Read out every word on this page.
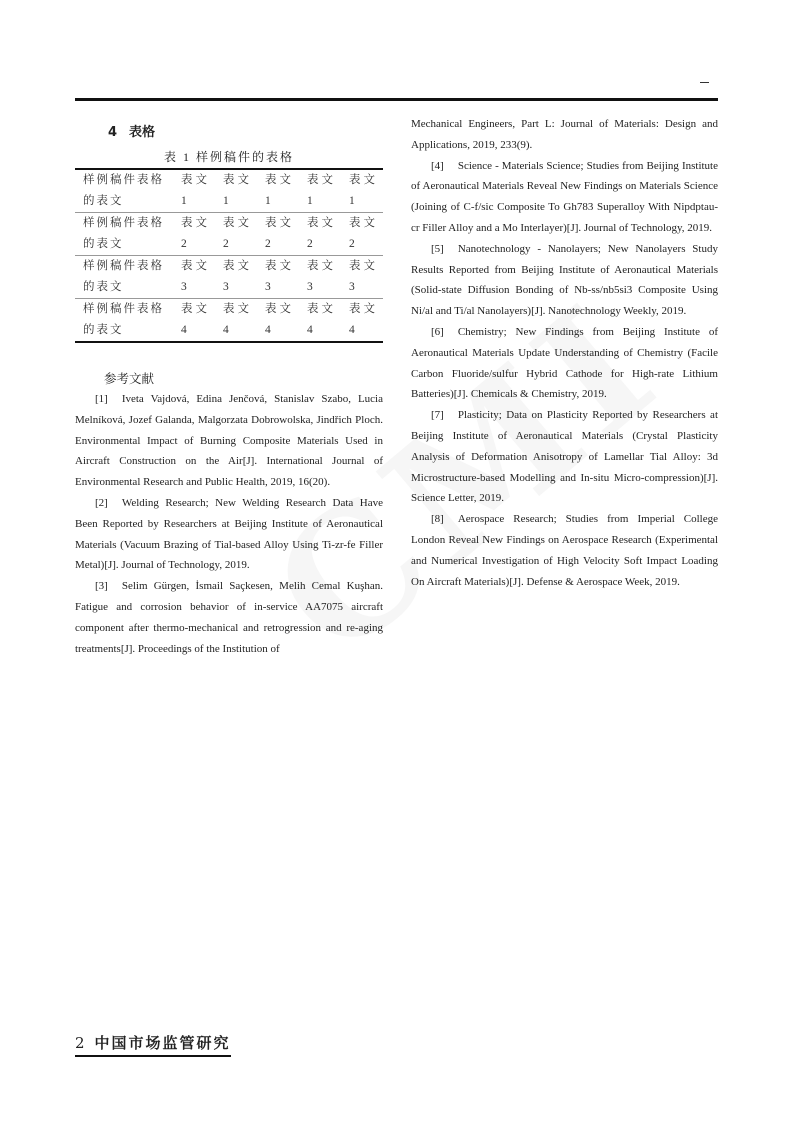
4 表格
表 1 样例稿件的表格
样例稿件表格	表文	表文	表文	表文	表文
的表文	1	1	1	1	1
样例稿件表格	表文	表文	表文	表文	表文
的表文	2	2	2	2	2
样例稿件表格	表文	表文	表文	表文	表文
的表文	3	3	3	3	3
样例稿件表格	表文	表文	表文	表文	表文
的表文	4	4	4	4	4
参考文献

[1] Iveta Vajdová, Edina Jenčová, Stanislav Szabo, Lucia Melníková, Jozef Galanda, Malgorzata Dobrowolska, Jindřich Ploch. Environmental Impact of Burning Composite Materials Used in Aircraft Construction on the Air[J]. International Journal of Environmental Research and Public Health, 2019, 16(20).

[2] Welding Research; New Welding Research Data Have Been Reported by Researchers at Beijing Institute of Aeronautical Materials (Vacuum Brazing of Tial-based Alloy Using Ti-zr-fe Filler Metal)[J]. Journal of Technology, 2019.

[3] Selim Gürgen, İsmail Saçkesen, Melih Cemal Kuşhan. Fatigue and corrosion behavior of in-service AA7075 aircraft component after thermo-mechanical and retrogression and re-aging treatments[J]. Proceedings of the Institution of

Mechanical Engineers, Part L: Journal of Materials: Design and Applications, 2019, 233(9).

[4] Science - Materials Science; Studies from Beijing Institute of Aeronautical Materials Reveal New Findings on Materials Science (Joining of C-f/sic Composite To Gh783 Superalloy With Nipdptau-cr Filler Alloy and a Mo Interlayer)[J]. Journal of Technology, 2019.

[5] Nanotechnology - Nanolayers; New Nanolayers Study Results Reported from Beijing Institute of Aeronautical Materials (Solid-state Diffusion Bonding of Nb-ss/nb5si3 Composite Using Ni/al and Ti/al Nanolayers)[J]. Nanotechnology Weekly, 2019.

[6] Chemistry; New Findings from Beijing Institute of Aeronautical Materials Update Understanding of Chemistry (Facile Carbon Fluoride/sulfur Hybrid Cathode for High-rate Lithium Batteries)[J]. Chemicals & Chemistry, 2019.

[7] Plasticity; Data on Plasticity Reported by Researchers at Beijing Institute of Aeronautical Materials (Crystal Plasticity Analysis of Deformation Anisotropy of Lamellar Tial Alloy: 3d Microstructure-based Modelling and In-situ Micro-compression)[J]. Science Letter, 2019.

[8] Aerospace Research; Studies from Imperial College London Reveal New Findings on Aerospace Research (Experimental and Numerical Investigation of High Velocity Soft Impact Loading On Aircraft Materials)[J]. Defense & Aerospace Week, 2019.

2 中国市场监管研究
